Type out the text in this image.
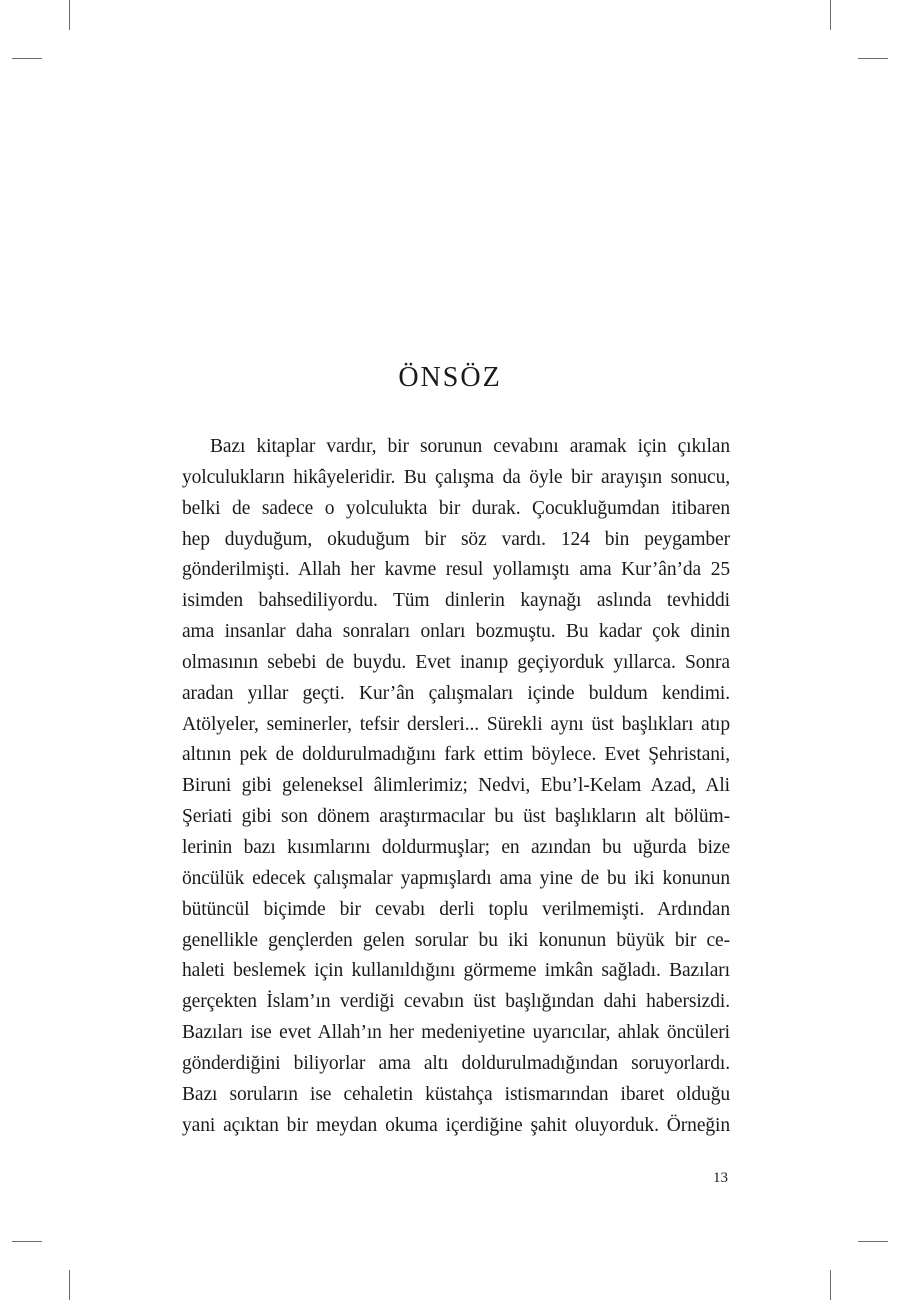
ÖNSÖZ
Bazı kitaplar vardır, bir sorunun cevabını aramak için çıkılan
yolculukların hikâyeleridir. Bu çalışma da öyle bir arayışın sonucu,
belki de sadece o yolculukta bir durak. Çocukluğumdan itibaren
hep duyduğum, okuduğum bir söz vardı. 124 bin peygamber
gönderilmişti. Allah her kavme resul yollamıştı ama Kur’ân’da 25
isimden bahsediliyordu. Tüm dinlerin kaynağı aslında tevhiddi
ama insanlar daha sonraları onları bozmuştu. Bu kadar çok dinin
olmasının sebebi de buydu. Evet inanıp geçiyorduk yıllarca. Sonra
aradan yıllar geçti. Kur’ân çalışmaları içinde buldum kendimi.
Atölyeler, seminerler, tefsir dersleri... Sürekli aynı üst başlıkları atıp
altının pek de doldurulmadığını fark ettim böylece. Evet Şehristani,
Biruni gibi geleneksel âlimlerimiz; Nedvi, Ebu’l-Kelam Azad, Ali
Şeriati gibi son dönem araştırmacılar bu üst başlıkların alt bölüm-
lerinin bazı kısımlarını doldurmuşlar; en azından bu uğurda bize
öncülük edecek çalışmalar yapmışlardı ama yine de bu iki konunun
bütüncül biçimde bir cevabı derli toplu verilmemişti. Ardından
genellikle gençlerden gelen sorular bu iki konunun büyük bir ce-
haleti beslemek için kullanıldığını görmeme imkân sağladı. Bazıları
gerçekten İslam’ın verdiği cevabın üst başlığından dahi habersizdi.
Bazıları ise evet Allah’ın her medeniyetine uyarıcılar, ahlak öncüleri
gönderdiğini biliyorlar ama altı doldurulmadığından soruyorlardı.
Bazı soruların ise cehaletin küstahça istismarından ibaret olduğu
yani açıktan bir meydan okuma içerdiğine şahit oluyorduk. Örneğin
13
